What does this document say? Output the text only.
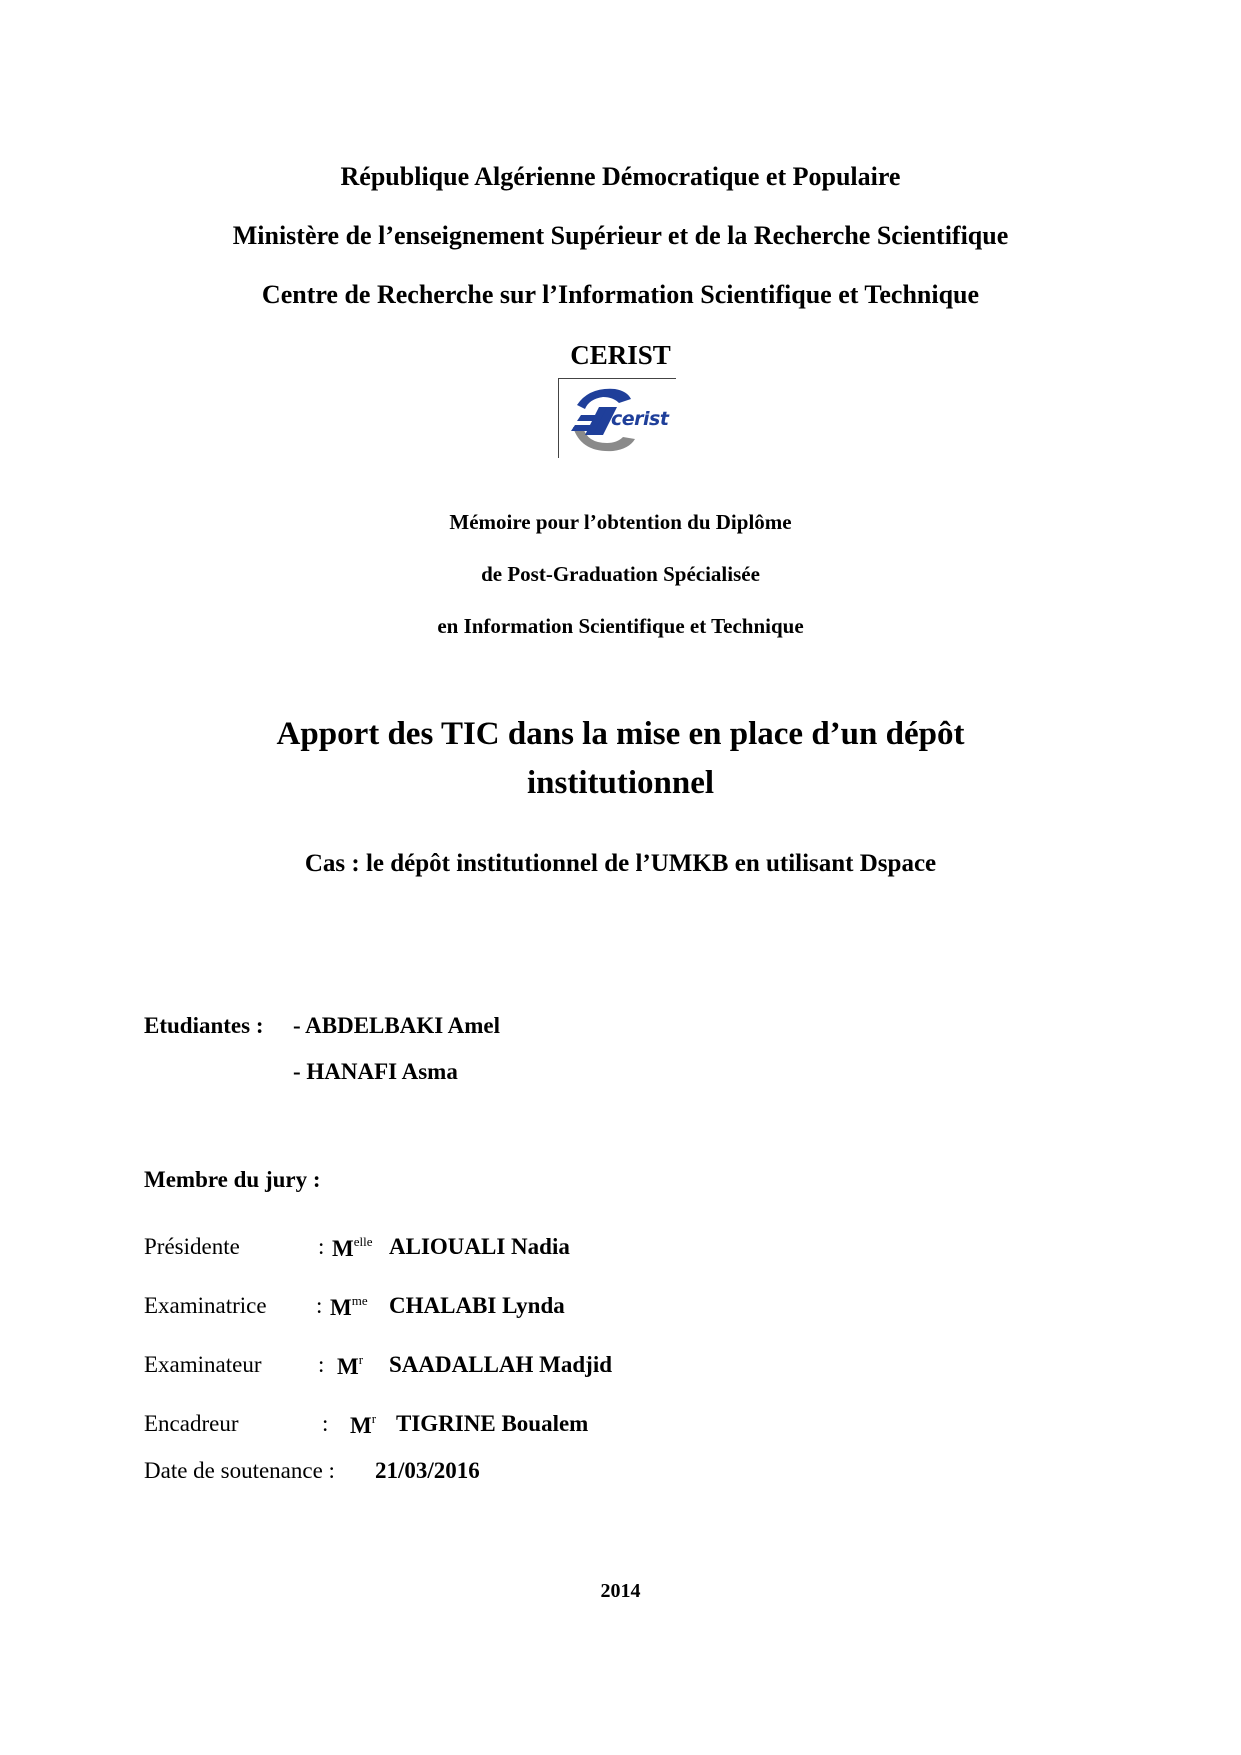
République Algérienne Démocratique et Populaire
Ministère de l’enseignement Supérieur et de la Recherche Scientifique
Centre de Recherche sur l’Information Scientifique et Technique
CERIST
cerist
Mémoire pour l’obtention du Diplôme
de Post-Graduation Spécialisée
en Information Scientifique et Technique
Apport des TIC dans la mise en place d’un dépôt
institutionnel
Cas : le dépôt institutionnel de l’UMKB en utilisant Dspace
Etudiantes : - ABDELBAKI Amel
- HANAFI Asma
Membre du jury :
Présidente	: $M^{elle}$ ALIOUALI Nadia
Examinatrice : $M^{me}$ CHALABI Lynda
Examinateur : $M^r$ SAADALLAH Madjid
Encadreur	: $M^r$ TIGRINE Boualem
Date de soutenance : 21/03/2016
2014
